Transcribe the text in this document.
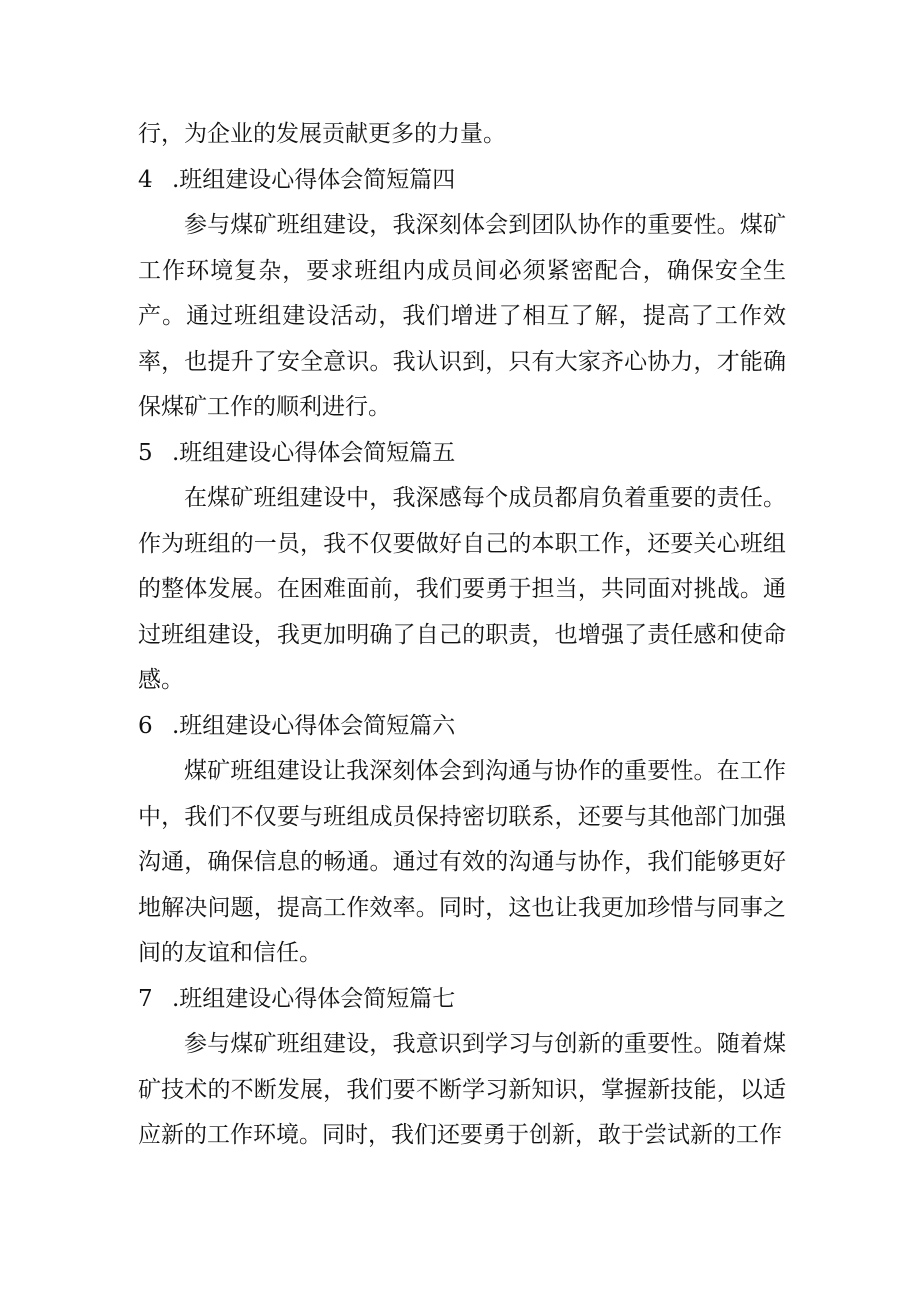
行，为企业的发展贡献更多的力量。

4 .班组建设心得体会简短篇四

参与煤矿班组建设，我深刻体会到团队协作的重要性。煤矿工作环境复杂，要求班组内成员间必须紧密配合，确保安全生产。通过班组建设活动，我们增进了相互了解，提高了工作效率，也提升了安全意识。我认识到，只有大家齐心协力，才能确保煤矿工作的顺利进行。

5 .班组建设心得体会简短篇五

在煤矿班组建设中，我深感每个成员都肩负着重要的责任。作为班组的一员，我不仅要做好自己的本职工作，还要关心班组的整体发展。在困难面前，我们要勇于担当，共同面对挑战。通过班组建设，我更加明确了自己的职责，也增强了责任感和使命感。

6 .班组建设心得体会简短篇六

煤矿班组建设让我深刻体会到沟通与协作的重要性。在工作中，我们不仅要与班组成员保持密切联系，还要与其他部门加强沟通，确保信息的畅通。通过有效的沟通与协作，我们能够更好地解决问题，提高工作效率。同时，这也让我更加珍惜与同事之间的友谊和信任。

7 .班组建设心得体会简短篇七

参与煤矿班组建设，我意识到学习与创新的重要性。随着煤矿技术的不断发展，我们要不断学习新知识，掌握新技能，以适应新的工作环境。同时，我们还要勇于创新，敢于尝试新的工作
